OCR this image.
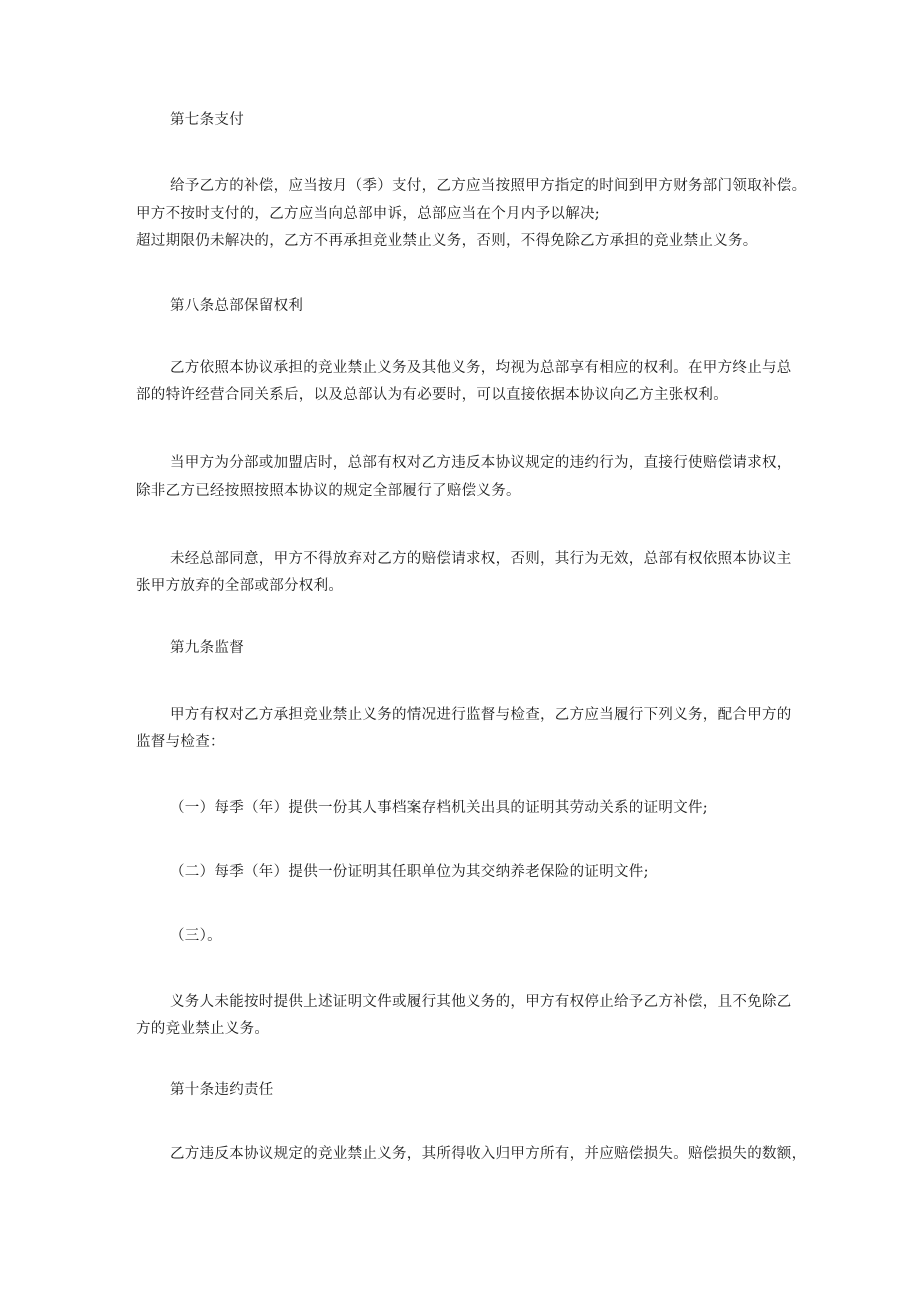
第七条支付
给予乙方的补偿，应当按月（季）支付，乙方应当按照甲方指定的时间到甲方财务部门领取补偿。
甲方不按时支付的，乙方应当向总部申诉，总部应当在个月内予以解决;
超过期限仍未解决的，乙方不再承担竞业禁止义务，否则，不得免除乙方承担的竞业禁止义务。
第八条总部保留权利
乙方依照本协议承担的竞业禁止义务及其他义务，均视为总部享有相应的权利。在甲方终止与总
部的特许经营合同关系后，以及总部认为有必要时，可以直接依据本协议向乙方主张权利。
当甲方为分部或加盟店时，总部有权对乙方违反本协议规定的违约行为，直接行使赔偿请求权，
除非乙方已经按照按照本协议的规定全部履行了赔偿义务。
未经总部同意，甲方不得放弃对乙方的赔偿请求权，否则，其行为无效，总部有权依照本协议主
张甲方放弃的全部或部分权利。
第九条监督
甲方有权对乙方承担竞业禁止义务的情况进行监督与检查，乙方应当履行下列义务，配合甲方的
监督与检查：
（一）每季（年）提供一份其人事档案存档机关出具的证明其劳动关系的证明文件;
（二）每季（年）提供一份证明其任职单位为其交纳养老保险的证明文件;
（三）。
义务人未能按时提供上述证明文件或履行其他义务的，甲方有权停止给予乙方补偿，且不免除乙
方的竞业禁止义务。
第十条违约责任
乙方违反本协议规定的竞业禁止义务，其所得收入归甲方所有，并应赔偿损失。赔偿损失的数额，
